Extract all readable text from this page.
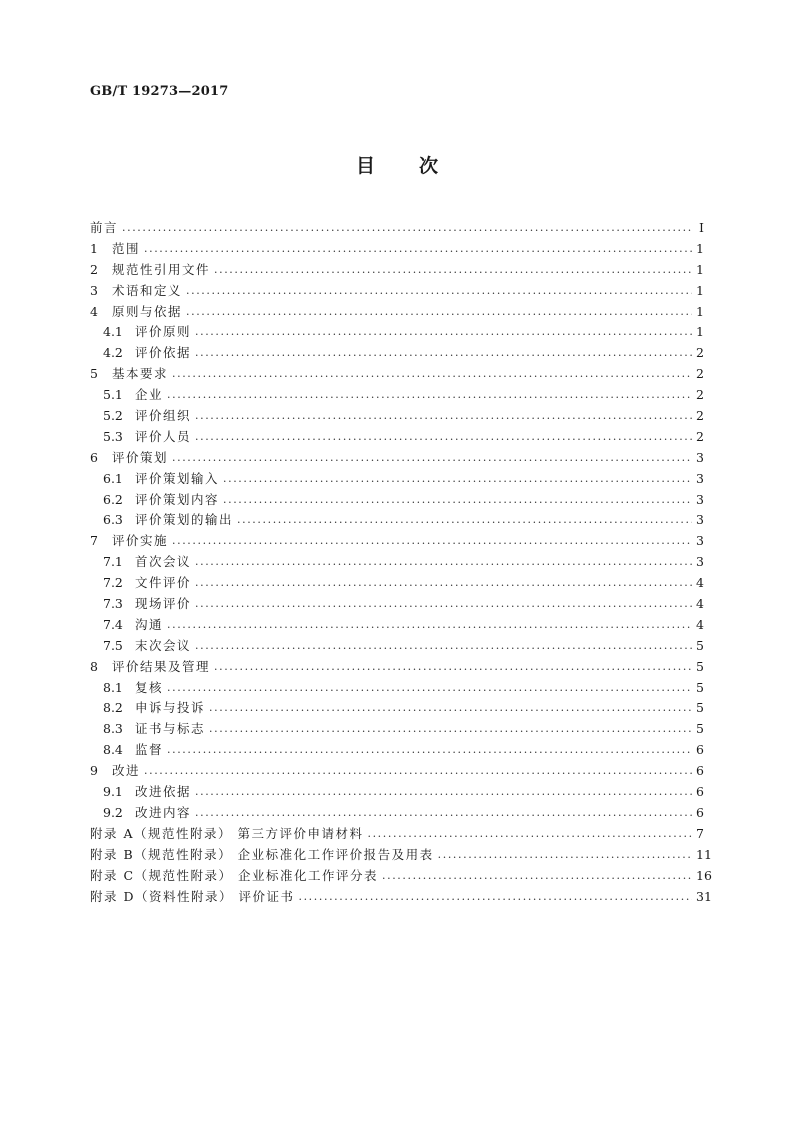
GB/T 19273—2017
目次
前言 ·····	Ⅰ
1	范围 ·····	1
2	规范性引用文件 ·····	1
3	术语和定义 ·····	1
4	原则与依据 ·····	1
4.1 评价原则 ·····	1
4.2 评价依据 ·····	2
5	基本要求 ·····	2
5.1 企业 ·····	2
5.2 评价组织 ·····	2
5.3 评价人员 ·····	2
6	评价策划 ·····	3
6.1 评价策划输入 ·····	3
6.2 评价策划内容 ·····	3
6.3 评价策划的输出 ·····	3
7	评价实施 ·····	3
7.1 首次会议 ·····	3
7.2 文件评价 ·····	4
7.3 现场评价 ·····	4
7.4 沟通 ·····	4
7.5 末次会议 ·····	5
8	评价结果及管理 ·····	5
8.1 复核 ·····	5
8.2 申诉与投诉 ·····	5
8.3 证书与标志 ·····	5
8.4 监督 ·····	6
9	改进 ·····	6
9.1 改进依据 ·····	6
9.2 改进内容 ·····	6
附录 A（规范性附录） 第三方评价申请材料 ·····	7
附录 B（规范性附录） 企业标准化工作评价报告及用表 ·····	11
附录 C（规范性附录） 企业标准化工作评分表 ·····	16
附录 D（资料性附录） 评价证书 ·····	31
